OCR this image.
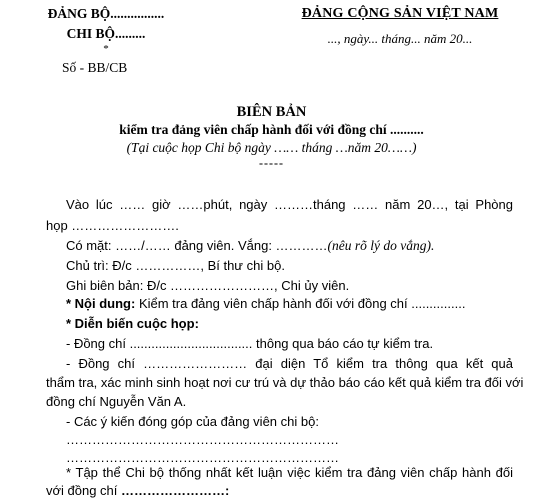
ĐẢNG BỘ................
CHI BỘ.........
*
Số - BB/CB
ĐẢNG CỘNG SẢN VIỆT NAM
..., ngày... tháng... năm 20...
BIÊN BẢN
kiểm tra đảng viên chấp hành đối với đồng chí ..........
(Tại cuộc họp Chi bộ ngày …… tháng …năm 20……)
-----
Vào lúc …… giờ ……phút, ngày ………tháng …… năm 20…, tại Phòng
họp …………………….
Có mặt: ……/…… đảng viên. Vắng: …………(nêu rõ lý do vắng).
Chủ trì: Đ/c ……………, Bí thư chi bộ.
Ghi biên bản: Đ/c ……………………, Chi ủy viên.
* Nội dung: Kiểm tra đảng viên chấp hành đối với đồng chí ...............
* Diễn biến cuộc họp:
- Đồng chí .................................. thông qua báo cáo tự kiểm tra.
- Đồng chí …………………… đại diện Tổ kiểm tra thông qua kết quả
thẩm tra, xác minh sinh hoạt nơi cư trú và dự thảo báo cáo kết quả kiểm tra đối với
đồng chí Nguyễn Văn A.
- Các ý kiến đóng góp của đảng viên chi bộ:
………………………………………………………
………………………………………………………
* Tập thể Chi bộ thống nhất kết luận việc kiểm tra đảng viên chấp hành đối
với đồng chí ……………………:
